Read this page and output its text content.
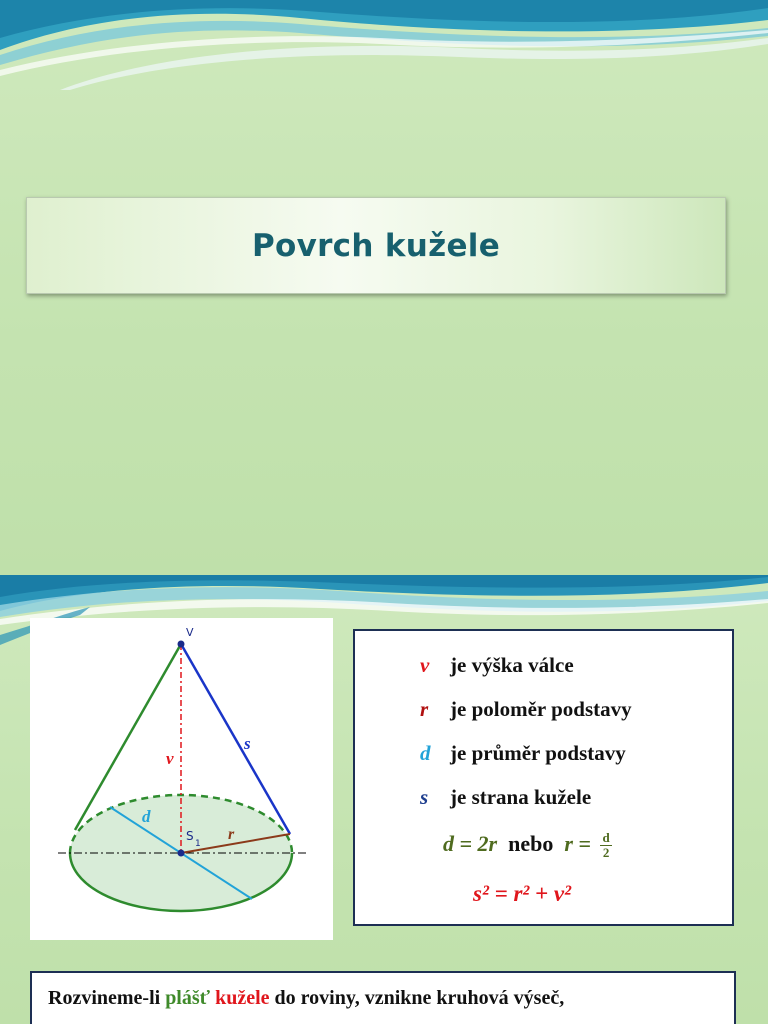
Povrch kužele
V
v
s
d
r
S
1
v je výška válce
r je poloměr podstavy
d je průměr podstavy
s je strana kužele
d = 2r nebo $r = \frac{d}{2}$
s² = r² + v²
Rozvineme-li plášť kužele do roviny, vznikne kruhová výseč,
